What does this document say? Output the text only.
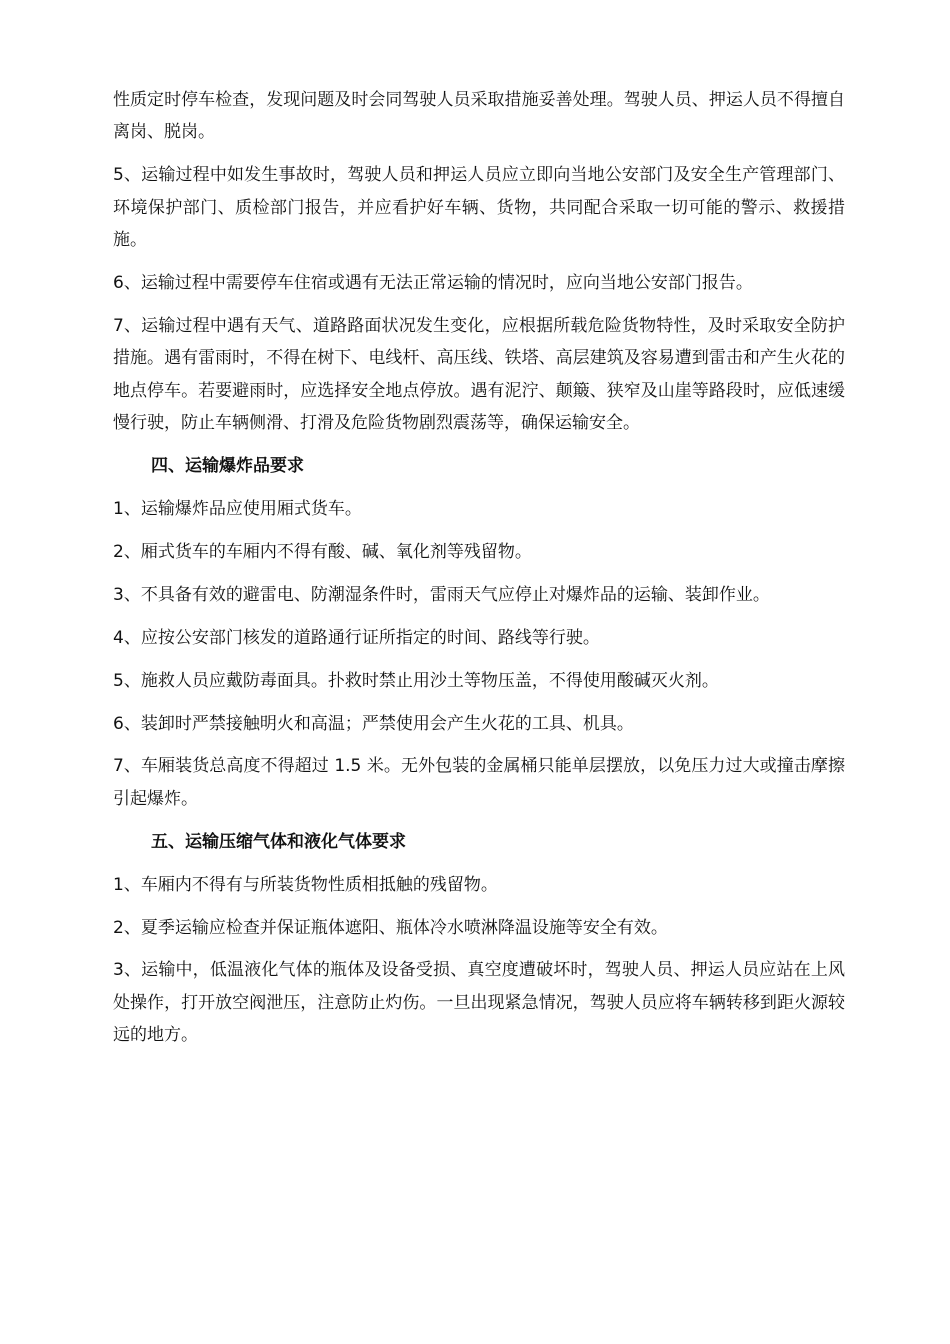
性质定时停车检查，发现问题及时会同驾驶人员采取措施妥善处理。驾驶人员、押运人员不得擅自离岗、脱岗。

5、运输过程中如发生事故时，驾驶人员和押运人员应立即向当地公安部门及安全生产管理部门、环境保护部门、质检部门报告，并应看护好车辆、货物，共同配合采取一切可能的警示、救援措施。

6、运输过程中需要停车住宿或遇有无法正常运输的情况时，应向当地公安部门报告。

7、运输过程中遇有天气、道路路面状况发生变化，应根据所载危险货物特性，及时采取安全防护措施。遇有雷雨时，不得在树下、电线杆、高压线、铁塔、高层建筑及容易遭到雷击和产生火花的地点停车。若要避雨时，应选择安全地点停放。遇有泥泞、颠簸、狭窄及山崖等路段时，应低速缓慢行驶，防止车辆侧滑、打滑及危险货物剧烈震荡等，确保运输安全。

四、运输爆炸品要求

1、运输爆炸品应使用厢式货车。

2、厢式货车的车厢内不得有酸、碱、氧化剂等残留物。

3、不具备有效的避雷电、防潮湿条件时，雷雨天气应停止对爆炸品的运输、装卸作业。

4、应按公安部门核发的道路通行证所指定的时间、路线等行驶。

5、施救人员应戴防毒面具。扑救时禁止用沙土等物压盖，不得使用酸碱灭火剂。

6、装卸时严禁接触明火和高温；严禁使用会产生火花的工具、机具。

7、车厢装货总高度不得超过 1.5 米。无外包装的金属桶只能单层摆放，以免压力过大或撞击摩擦引起爆炸。

五、运输压缩气体和液化气体要求

1、车厢内不得有与所装货物性质相抵触的残留物。

2、夏季运输应检查并保证瓶体遮阳、瓶体冷水喷淋降温设施等安全有效。

3、运输中，低温液化气体的瓶体及设备受损、真空度遭破坏时，驾驶人员、押运人员应站在上风处操作，打开放空阀泄压，注意防止灼伤。一旦出现紧急情况，驾驶人员应将车辆转移到距火源较远的地方。
